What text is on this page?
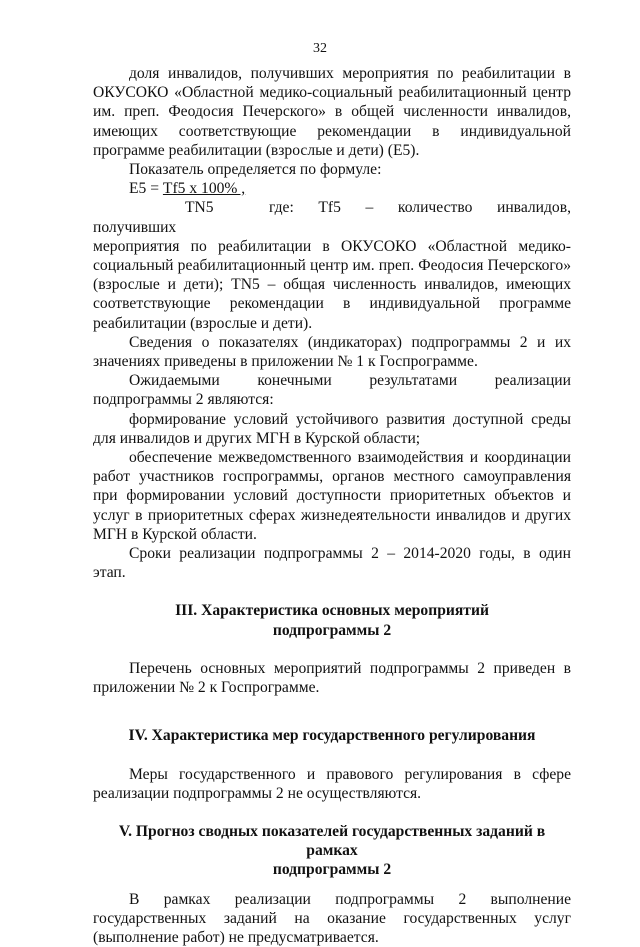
32

доля инвалидов, получивших мероприятия по реабилитации в ОКУСОКО «Областной медико-социальный реабилитационный центр им. преп. Феодосия Печерского» в общей численности инвалидов, имеющих соответствующие рекомендации в индивидуальной программе реабилитации (взрослые и дети) (Е5).

Показатель определяется по формуле:

Е5 = Tf5 х 100% ,

TN5	где: Tf5 – количество инвалидов, получивших

мероприятия по реабилитации в ОКУСОКО «Областной медико-социальный реабилитационный центр им. преп. Феодосия Печерского» (взрослые и дети); TN5 – общая численность инвалидов, имеющих соответствующие рекомендации в индивидуальной программе реабилитации (взрослые и дети).

Сведения о показателях (индикаторах) подпрограммы 2 и их значениях приведены в приложении № 1 к Госпрограмме.

Ожидаемыми конечными результатами реализации подпрограммы 2 являются:

формирование условий устойчивого развития доступной среды для инвалидов и других МГН в Курской области;

обеспечение межведомственного взаимодействия и координации работ участников госпрограммы, органов местного самоуправления при формировании условий доступности приоритетных объектов и услуг в приоритетных сферах жизнедеятельности инвалидов и других МГН в Курской области.

Сроки реализации подпрограммы 2 – 2014-2020 годы, в один этап.

III. Характеристика основных мероприятий
подпрограммы 2

Перечень основных мероприятий подпрограммы 2 приведен в приложении № 2 к Госпрограмме.

IV. Характеристика мер государственного регулирования

Меры государственного и правового регулирования в сфере реализации подпрограммы 2 не осуществляются.

V. Прогноз сводных показателей государственных заданий в рамках
подпрограммы 2

В рамках реализации подпрограммы 2 выполнение государственных заданий на оказание государственных услуг (выполнение работ) не предусматривается.
